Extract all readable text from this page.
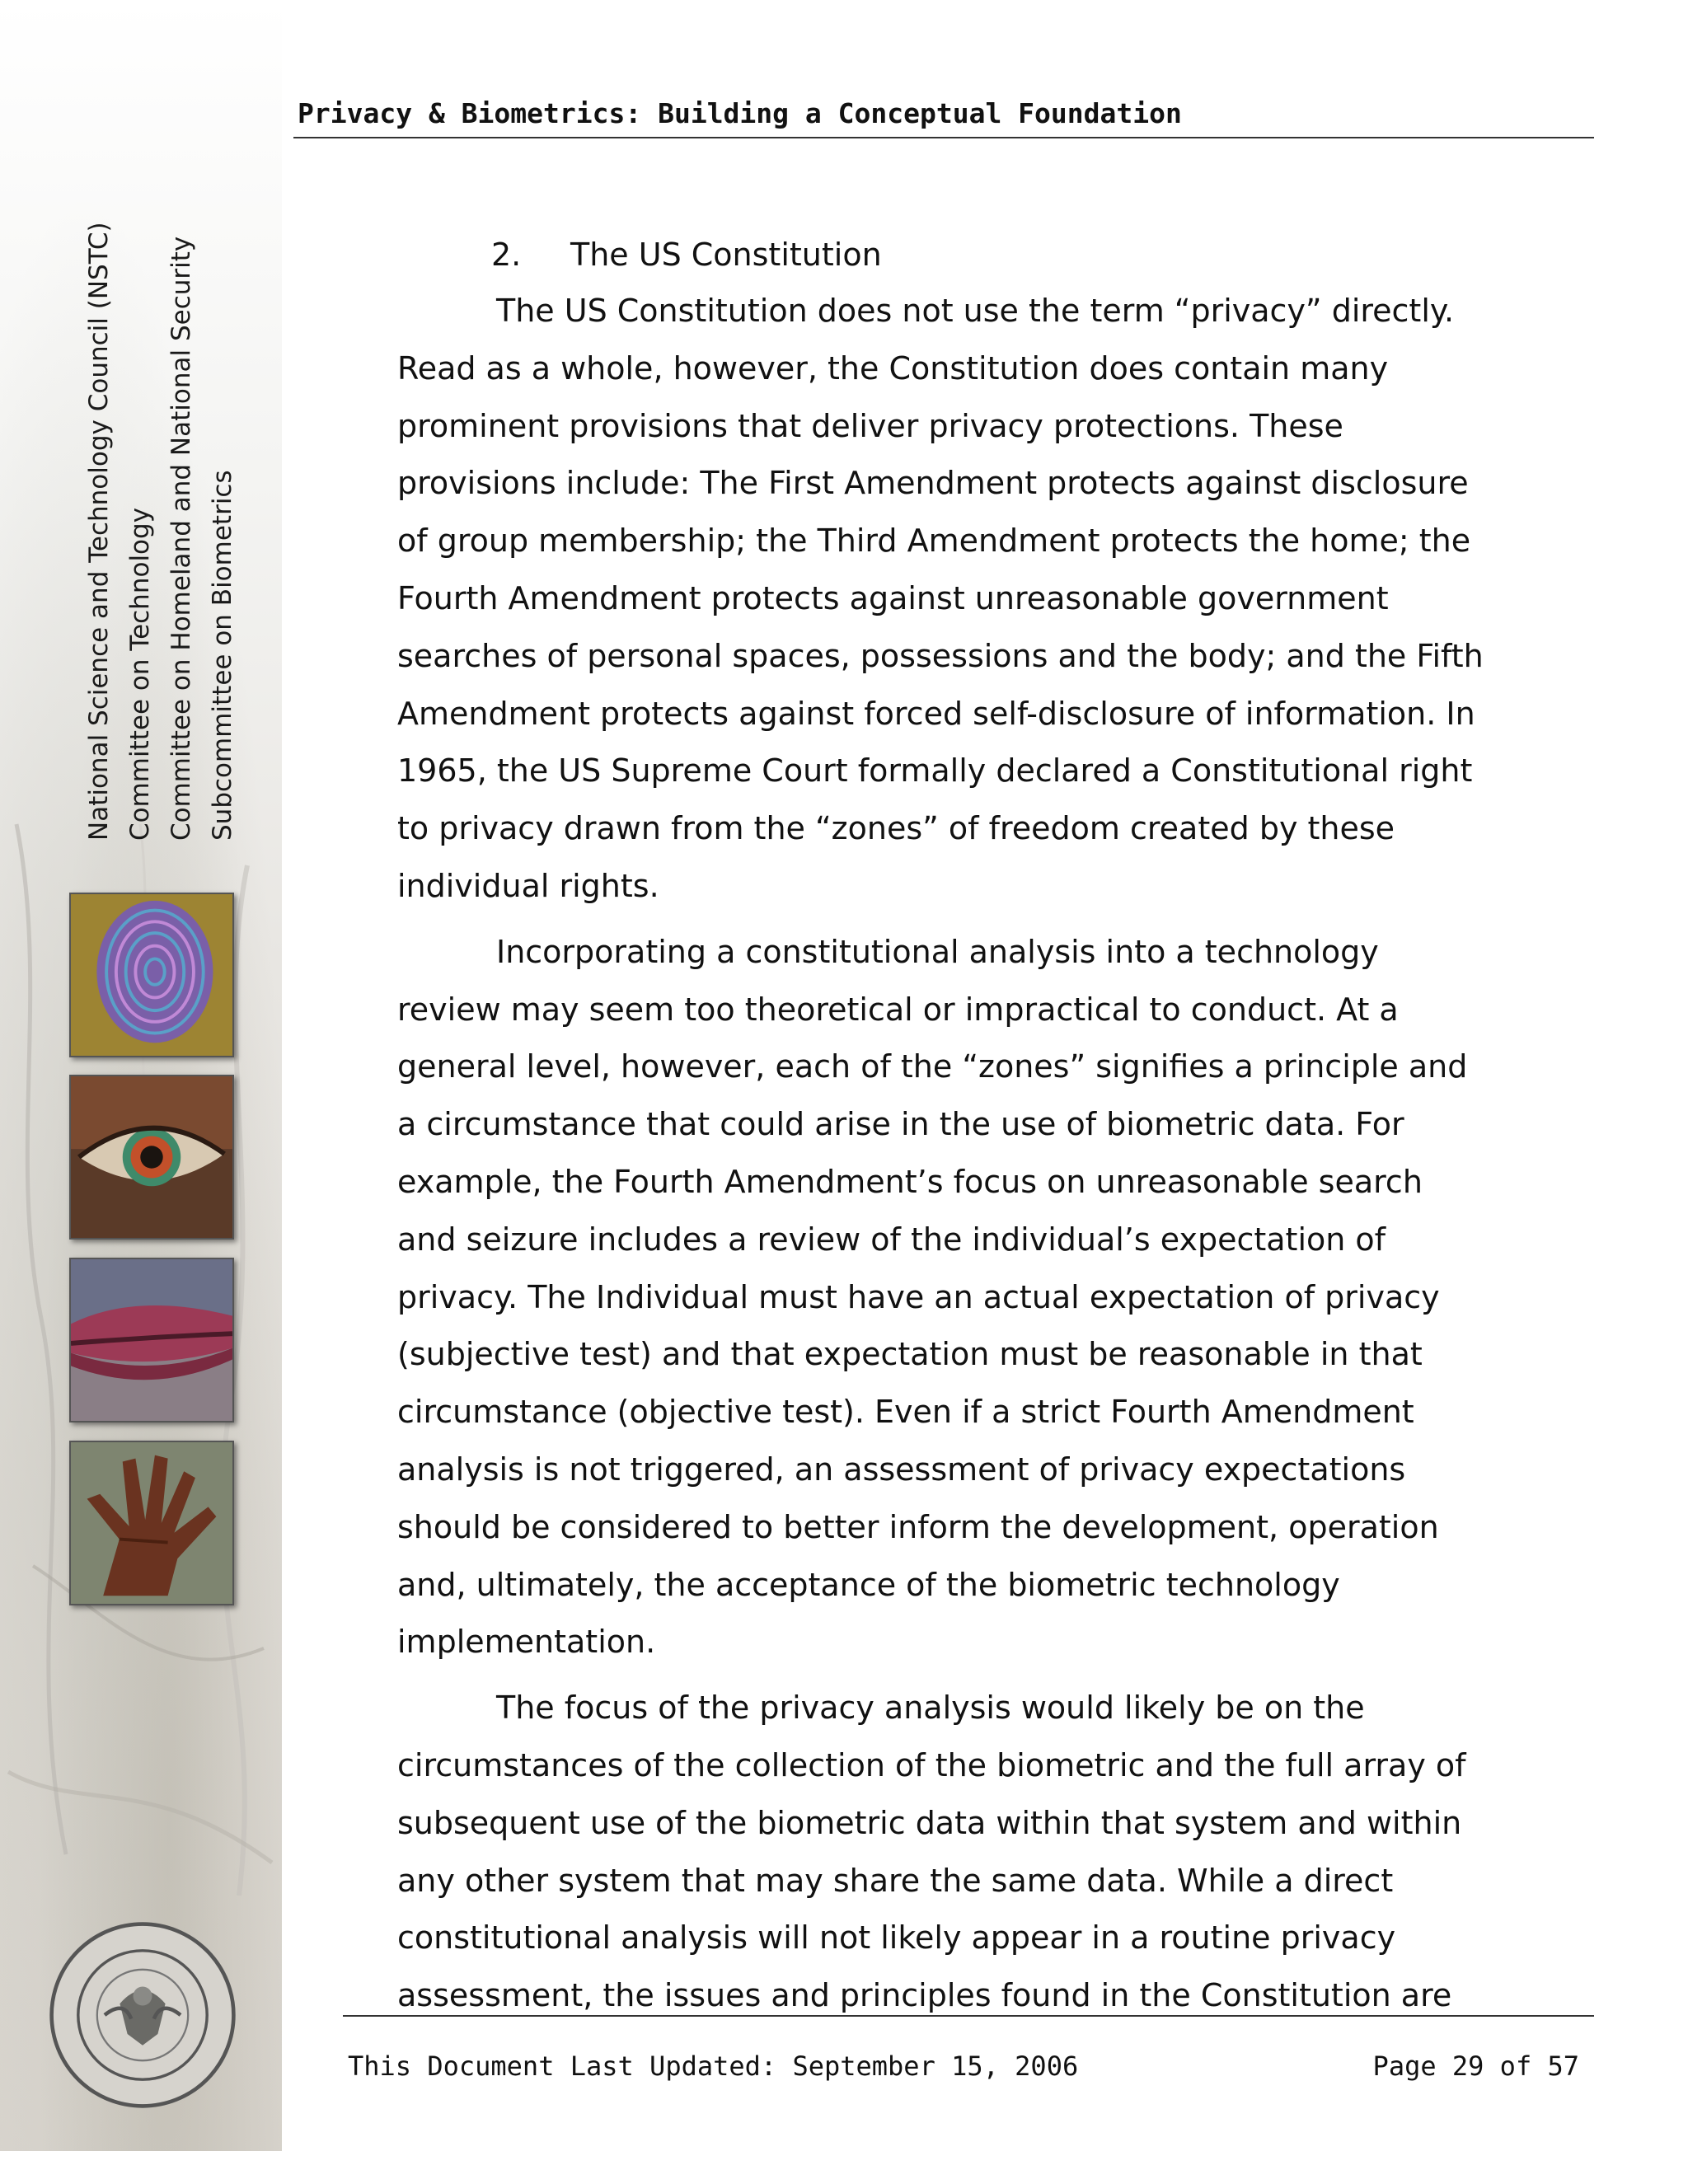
National Science and Technology Council (NSTC) Committee on Technology Committee on Homeland and National Security Subcommittee on Biometrics
Privacy & Biometrics: Building a Conceptual Foundation
2. The US Constitution

The US Constitution does not use the term “privacy” directly. Read as a whole, however, the Constitution does contain many prominent provisions that deliver privacy protections. These provisions include: The First Amendment protects against disclosure of group membership; the Third Amendment protects the home; the Fourth Amendment protects against unreasonable government searches of personal spaces, possessions and the body; and the Fifth Amendment protects against forced self-disclosure of information. In 1965, the US Supreme Court formally declared a Constitutional right to privacy drawn from the “zones” of freedom created by these individual rights.

Incorporating a constitutional analysis into a technology review may seem too theoretical or impractical to conduct. At a general level, however, each of the “zones” signifies a principle and a circumstance that could arise in the use of biometric data. For example, the Fourth Amendment’s focus on unreasonable search and seizure includes a review of the individual’s expectation of privacy. The Individual must have an actual expectation of privacy (subjective test) and that expectation must be reasonable in that circumstance (objective test). Even if a strict Fourth Amendment analysis is not triggered, an assessment of privacy expectations should be considered to better inform the development, operation and, ultimately, the acceptance of the biometric technology implementation.

The focus of the privacy analysis would likely be on the circumstances of the collection of the biometric and the full array of subsequent use of the biometric data within that system and within any other system that may share the same data. While a direct constitutional analysis will not likely appear in a routine privacy assessment, the issues and principles found in the Constitution are

This Document Last Updated: September 15, 2006	Page 29 of 57
